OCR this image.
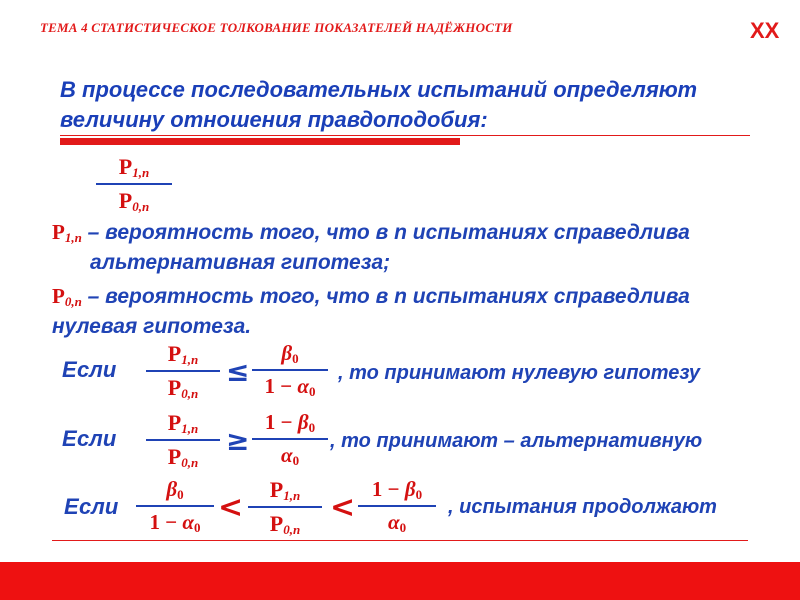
ТЕМА 4 СТАТИСТИЧЕСКОЕ ТОЛКОВАНИЕ ПОКАЗАТЕЛЕЙ НАДЁЖНОСТИ	XX
В процессе последовательных испытаний определяют
величину отношения правдоподобия:
$P_{1,n}$
$P_{0,n}$
$P_{1,n}$ – вероятность того, что в n испытаниях справедлива
альтернативная гипотеза;
$P_{0,n}$ – вероятность того, что в n испытаниях справедлива
нулевая гипотеза.
Если
$P_{1,n}$
$P_{0,n}$
≤
$\beta_0$
$1 - \alpha_0$
, то принимают нулевую гипотезу
Если
$P_{1,n}$
$P_{0,n}$
≥
$1 - \beta_0$
$\alpha_0$
, то принимают – альтернативную
Если
$\beta_0$
$1 - \alpha_0$
<
$P_{1,n}$
$P_{0,n}$
<
$1 - \beta_0$
$\alpha_0$
, испытания продолжают
